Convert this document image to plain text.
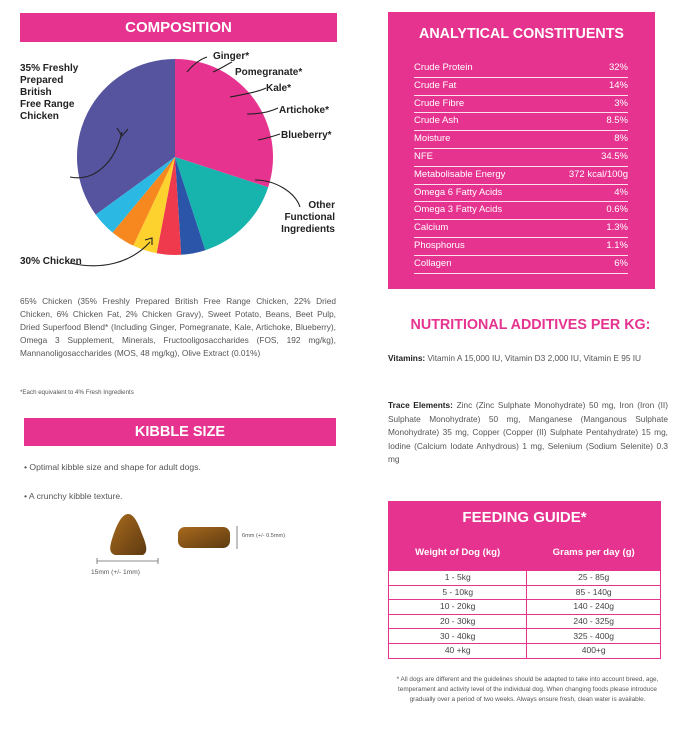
COMPOSITION
35% Freshly
Prepared
British
Free Range
Chicken
30% Chicken
Ginger*
Pomegranate*
Kale*
Artichoke*
Blueberry*
Other
Functional
Ingredients
65% Chicken (35% Freshly Prepared British Free Range Chicken, 22% Dried Chicken, 6% Chicken Fat, 2% Chicken Gravy), Sweet Potato, Beans, Beet Pulp, Dried Superfood Blend* (Including Ginger, Pomegranate, Kale, Artichoke, Blueberry), Omega 3 Supplement, Minerals, Fructooligosaccharides (FOS, 192 mg/kg), Mannanoligosaccharides (MOS, 48 mg/kg), Olive Extract (0.01%)
*Each equivalent to 4% Fresh Ingredients
KIBBLE SIZE
• Optimal kibble size and shape for adult dogs.
• A crunchy kibble texture.
15mm (+/- 1mm)
6mm (+/- 0.5mm)
ANALYTICAL CONSTITUENTS
Crude Protein	32%
Crude Fat	14%
Crude Fibre	3%
Crude Ash	8.5%
Moisture	8%
NFE	34.5%
Metabolisable Energy	372 kcal/100g
Omega 6 Fatty Acids	4%
Omega 3 Fatty Acids	0.6%
Calcium	1.3%
Phosphorus	1.1%
Collagen	6%
NUTRITIONAL ADDITIVES PER KG:
Vitamins: Vitamin A 15,000 IU, Vitamin D3 2,000 IU, Vitamin E 95 IU
Trace Elements: Zinc (Zinc Sulphate Monohydrate) 50 mg, Iron (Iron (II) Sulphate Monohydrate) 50 mg, Manganese (Manganous Sulphate Monohydrate) 35 mg, Copper (Copper (II) Sulphate Pentahydrate) 15 mg, Iodine (Calcium Iodate Anhydrous) 1 mg, Selenium (Sodium Selenite) 0.3 mg
FEEDING GUIDE*
Weight of Dog (kg)	Grams per day (g)
1 - 5kg	25 - 85g
5 - 10kg	85 - 140g
10 - 20kg	140 - 240g
20 - 30kg	240 - 325g
30 - 40kg	325 - 400g
40 +kg	400+g
* All dogs are different and the guidelines should be adapted to take into account breed, age, temperament and activity level of the individual dog. When changing foods please introduce gradually over a period of two weeks. Always ensure fresh, clean water is available.
